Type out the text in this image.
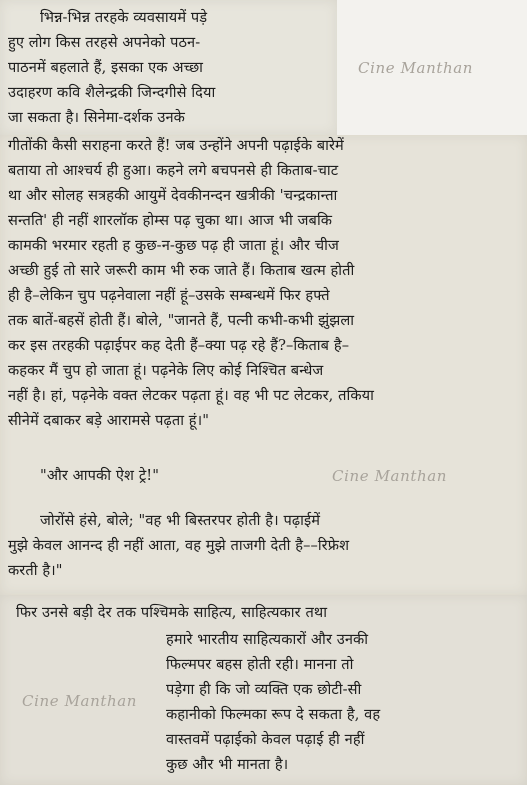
भिन्न-भिन्न तरहके व्यवसायमें पड़े
हुए लोग किस तरहसे अपनेको पठन-
पाठनमें बहलाते हैं, इसका एक अच्छा
उदाहरण कवि शैलेन्द्रकी जिन्दगीसे दिया
जा सकता है। सिनेमा-दर्शक उनके
गीतोंकी कैसी सराहना करते हैं! जब उन्होंने अपनी पढ़ाईके बारेमें
बताया तो आश्चर्य ही हुआ। कहने लगे बचपनसे ही किताब-चाट
था और सोलह सत्रहकी आयुमें देवकीनन्दन खत्रीकी 'चन्द्रकान्ता
सन्तति' ही नहीं शारलॉक होम्स पढ़ चुका था। आज भी जबकि
कामकी भरमार रहती ह कुछ-न-कुछ पढ़ ही जाता हूं। और चीज
अच्छी हुई तो सारे जरूरी काम भी रुक जाते हैं। किताब खत्म होती
ही है–लेकिन चुप पढ़नेवाला नहीं हूं–उसके सम्बन्धमें फिर हफ्ते
तक बातें-बहसें होती हैं। बोले, "जानते हैं, पत्नी कभी-कभी झुंझला
कर इस तरहकी पढ़ाईपर कह देती हैं–क्या पढ़ रहे हैं?–किताब है–
कहकर मैं चुप हो जाता हूं। पढ़नेके लिए कोई निश्चित बन्धेज
नहीं है। हां, पढ़नेके वक्त लेटकर पढ़ता हूं। वह भी पट लेटकर, तकिया
सीनेमें दबाकर बड़े आरामसे पढ़ता हूं।"
"और आपकी ऐश ट्रे!"
जोरोंसे हंसे, बोले; "वह भी बिस्तरपर होती है। पढ़ाईमें
मुझे केवल आनन्द ही नहीं आता, वह मुझे ताजगी देती है––रिफ्रेश
करती है।"
फिर उनसे बड़ी देर तक पश्चिमके साहित्य, साहित्यकार तथा
हमारे भारतीय साहित्यकारों और उनकी
फिल्मपर बहस होती रही। मानना तो
पड़ेगा ही कि जो व्यक्ति एक छोटी-सी
कहानीको फिल्मका रूप दे सकता है, वह
वास्तवमें पढ़ाईको केवल पढ़ाई ही नहीं
कुछ और भी मानता है।
Cine Manthan
Cine Manthan
Cine Manthan
